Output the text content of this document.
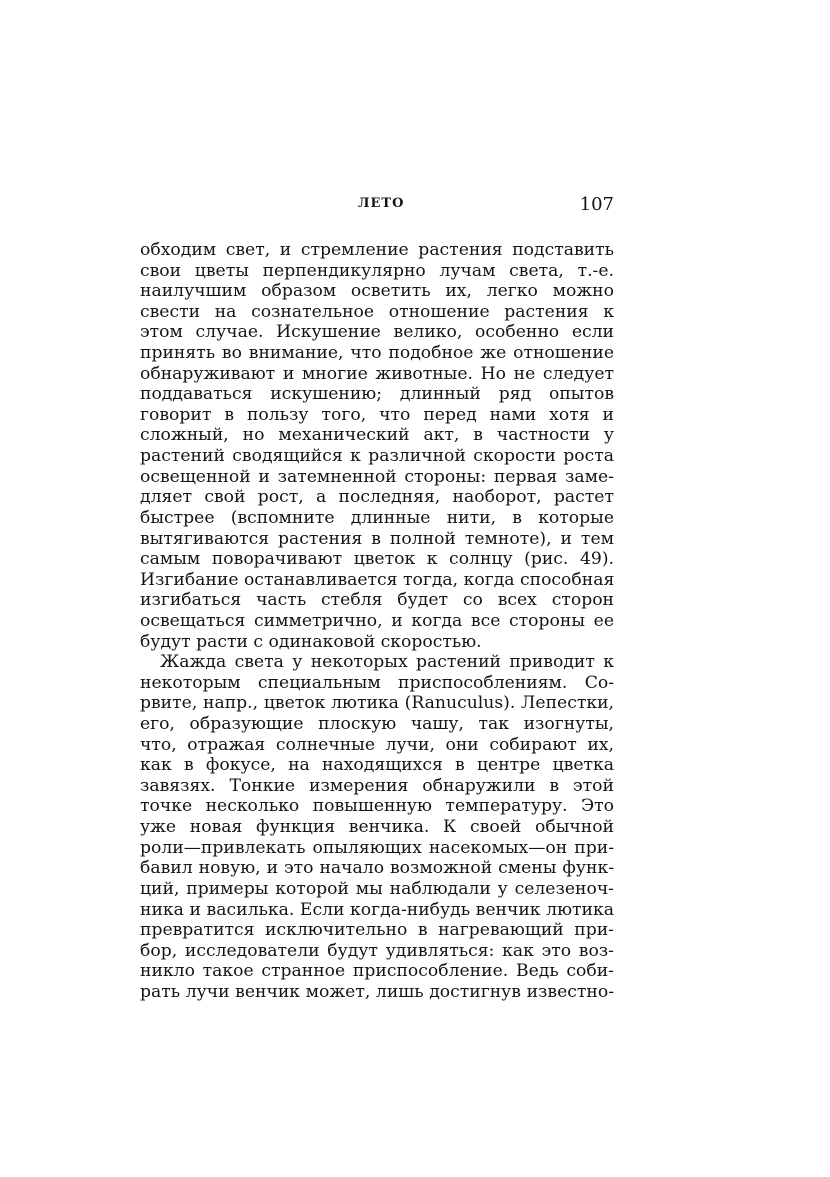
ЛЕТО	107
обходим свет, и стремление растения подставить
свои цветы перпендикулярно лучам света, т.-е.
наилучшим образом осветить их, легко можно
свести на сознательное отношение растения к
этом случае. Искушение велико, особенно если
принять во внимание, что подобное же отношение
обнаруживают и многие животные. Но не следует
поддаваться искушению; длинный ряд опытов
говорит в пользу того, что перед нами хотя и
сложный, но механический акт, в частности у
растений сводящийся к различной скорости роста
освещенной и затемненной стороны: первая заме-
дляет свой рост, а последняя, наоборот, растет
быстрее (вспомните длинные нити, в которые
вытягиваются растения в полной темноте), и тем
самым поворачивают цветок к солнцу (рис. 49).
Изгибание останавливается тогда, когда способная
изгибаться часть стебля будет со всех сторон
освещаться симметрично, и когда все стороны ее
будут расти с одинаковой скоростью.
Жажда света у некоторых растений приводит к
некоторым специальным приспособлениям. Со-
рвите, напр., цветок лютика (Ranuculus). Лепестки,
его, образующие плоскую чашу, так изогнуты,
что, отражая солнечные лучи, они собирают их,
как в фокусе, на находящихся в центре цветка
завязях. Тонкие измерения обнаружили в этой
точке несколько повышенную температуру. Это
уже новая функция венчика. К своей обычной
роли—привлекать опыляющих насекомых—он при-
бавил новую, и это начало возможной смены функ-
ций, примеры которой мы наблюдали у селезеноч-
ника и василька. Если когда-нибудь венчик лютика
превратится исключительно в нагревающий при-
бор, исследователи будут удивляться: как это воз-
никло такое странное приспособление. Ведь соби-
рать лучи венчик может, лишь достигнув известно-
